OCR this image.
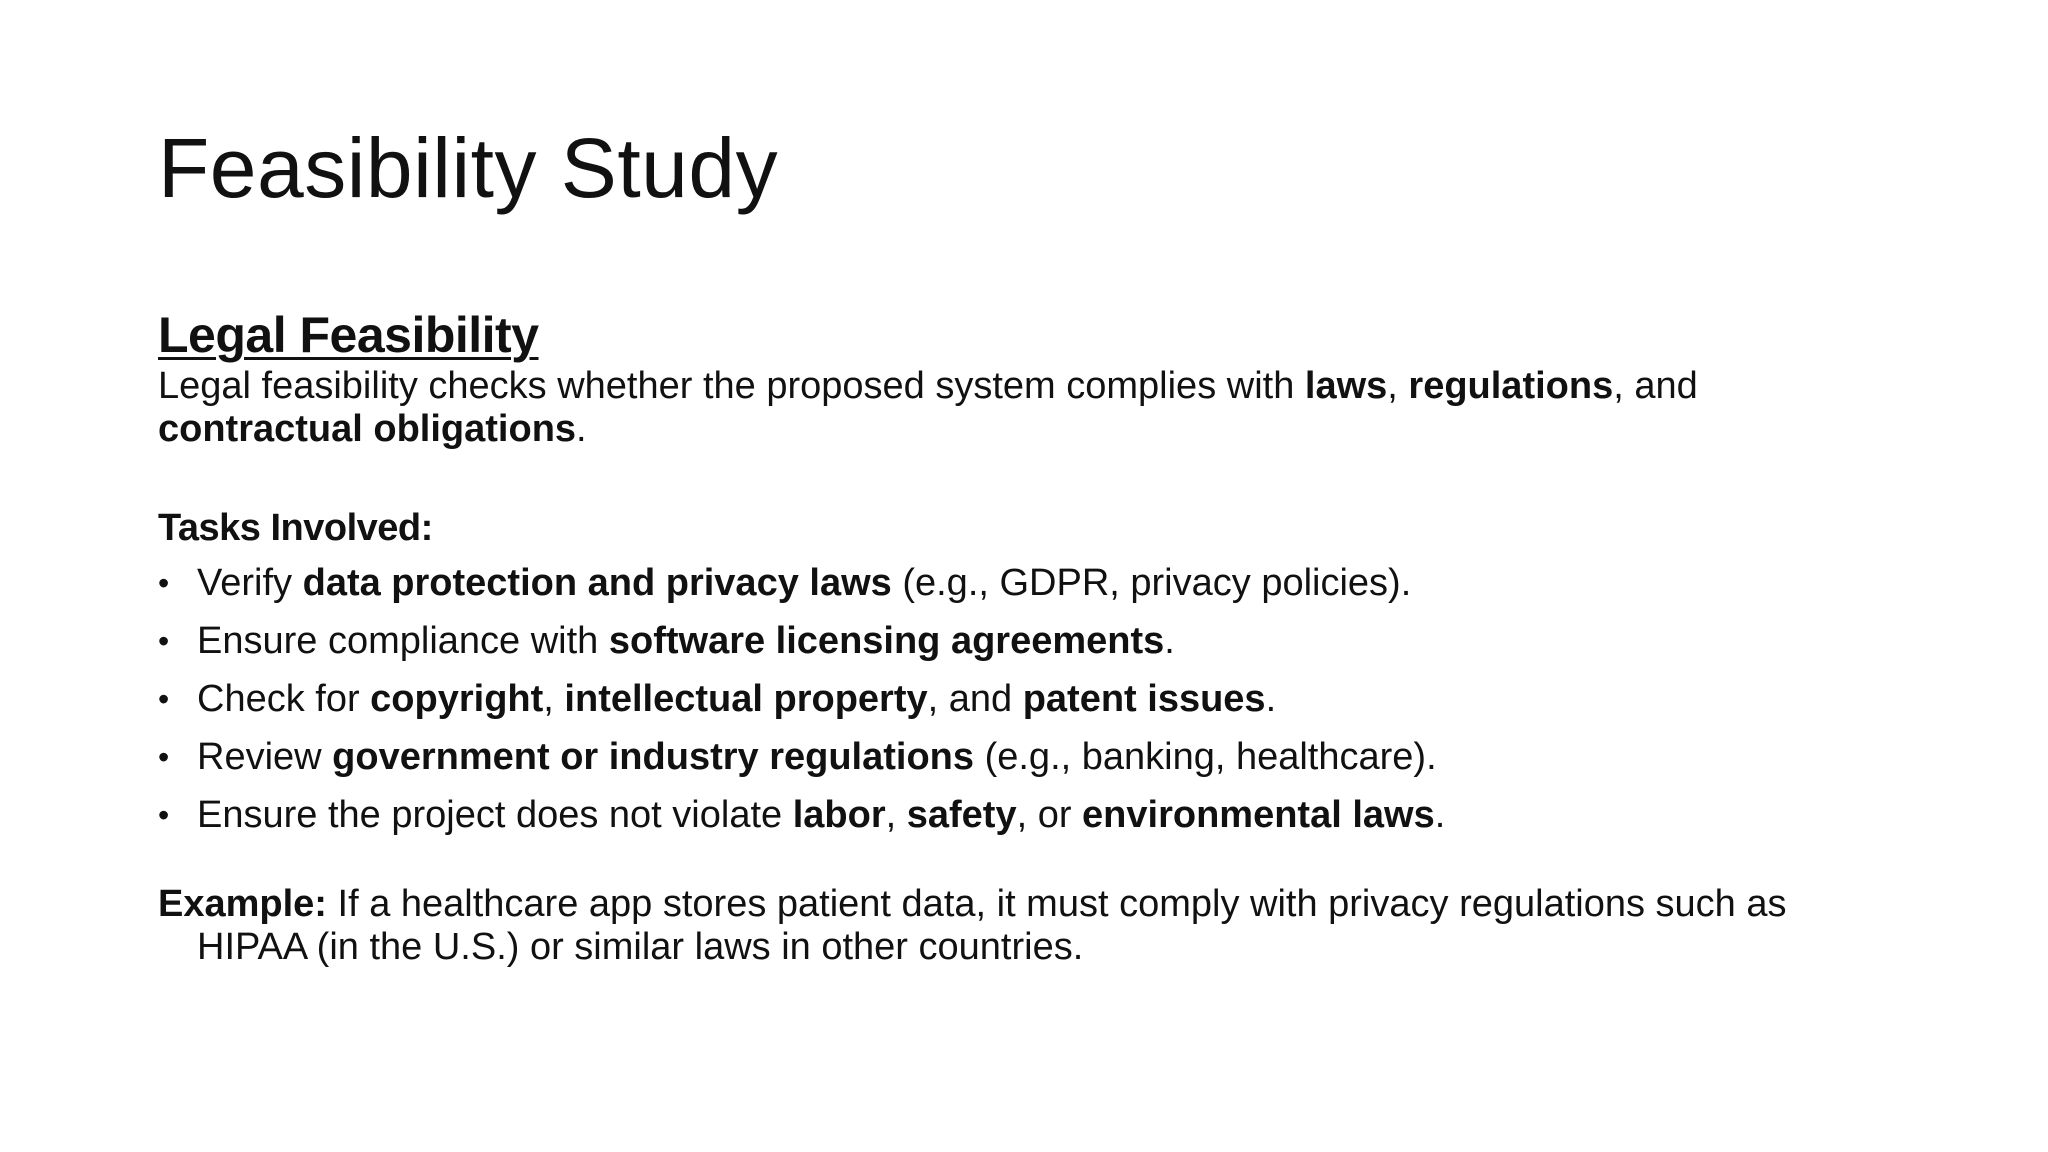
Feasibility Study

Legal Feasibility

Legal feasibility checks whether the proposed system complies with laws, regulations, and contractual obligations.

Tasks Involved:

• Verify data protection and privacy laws (e.g., GDPR, privacy policies).
• Ensure compliance with software licensing agreements.
• Check for copyright, intellectual property, and patent issues.
• Review government or industry regulations (e.g., banking, healthcare).
• Ensure the project does not violate labor, safety, or environmental laws.

Example: If a healthcare app stores patient data, it must comply with privacy regulations such as HIPAA (in the U.S.) or similar laws in other countries.
